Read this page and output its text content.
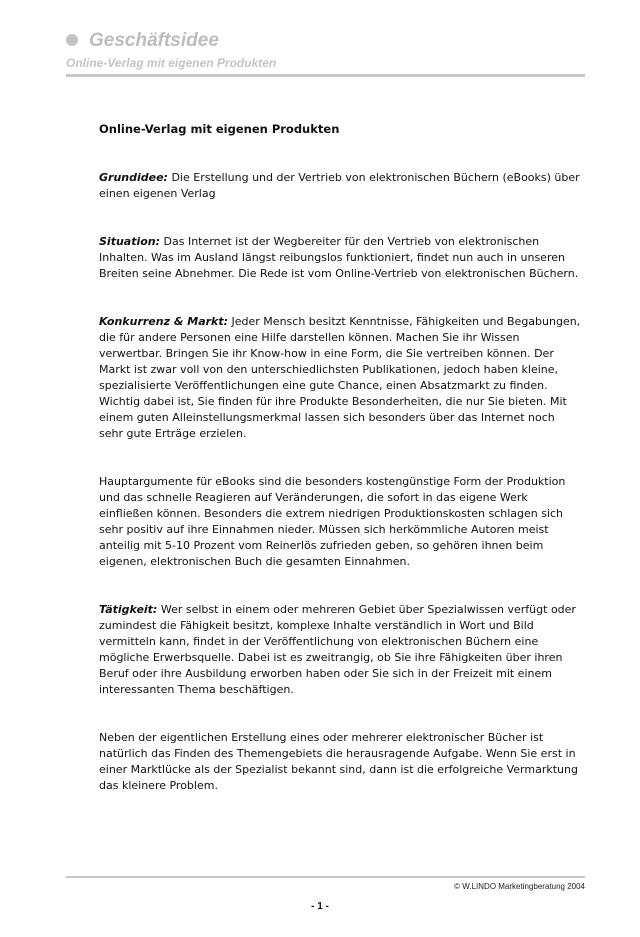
Geschäftsidee
Online-Verlag mit eigenen Produkten

Online-Verlag mit eigenen Produkten

Grundidee: Die Erstellung und der Vertrieb von elektronischen Büchern (eBooks) über einen eigenen Verlag

Situation: Das Internet ist der Wegbereiter für den Vertrieb von elektronischen Inhalten. Was im Ausland längst reibungslos funktioniert, findet nun auch in unseren Breiten seine Abnehmer. Die Rede ist vom Online-Vertrieb von elektronischen Büchern.

Konkurrenz & Markt: Jeder Mensch besitzt Kenntnisse, Fähigkeiten und Begabungen, die für andere Personen eine Hilfe darstellen können. Machen Sie ihr Wissen verwertbar. Bringen Sie ihr Know-how in eine Form, die Sie vertreiben können. Der Markt ist zwar voll von den unterschiedlichsten Publikationen, jedoch haben kleine, spezialisierte Veröffentlichungen eine gute Chance, einen Absatzmarkt zu finden. Wichtig dabei ist, Sie finden für ihre Produkte Besonderheiten, die nur Sie bieten. Mit einem guten Alleinstellungsmerkmal lassen sich besonders über das Internet noch sehr gute Erträge erzielen.

Hauptargumente für eBooks sind die besonders kostengünstige Form der Produktion und das schnelle Reagieren auf Veränderungen, die sofort in das eigene Werk einfließen können. Besonders die extrem niedrigen Produktionskosten schlagen sich sehr positiv auf ihre Einnahmen nieder. Müssen sich herkömmliche Autoren meist anteilig mit 5-10 Prozent vom Reinerlös zufrieden geben, so gehören ihnen beim eigenen, elektronischen Buch die gesamten Einnahmen.

Tätigkeit: Wer selbst in einem oder mehreren Gebiet über Spezialwissen verfügt oder zumindest die Fähigkeit besitzt, komplexe Inhalte verständlich in Wort und Bild vermitteln kann, findet in der Veröffentlichung von elektronischen Büchern eine mögliche Erwerbsquelle. Dabei ist es zweitrangig, ob Sie ihre Fähigkeiten über ihren Beruf oder ihre Ausbildung erworben haben oder Sie sich in der Freizeit mit einem interessanten Thema beschäftigen.

Neben der eigentlichen Erstellung eines oder mehrerer elektronischer Bücher ist natürlich das Finden des Themengebiets die herausragende Aufgabe. Wenn Sie erst in einer Marktlücke als der Spezialist bekannt sind, dann ist die erfolgreiche Vermarktung das kleinere Problem.

© W.LINDO Marketingberatung 2004
- 1 -
